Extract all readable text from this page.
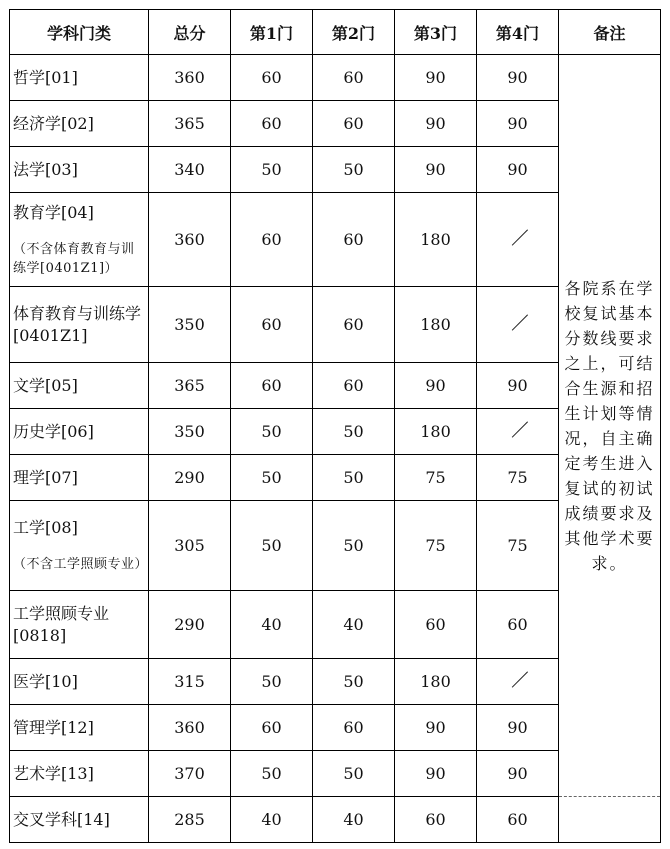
学科门类	总分	第1门	第2门	第3门	第4门	备注

哲学[01]	360	60	60	90	90	各院系在学校复试基本分数线要求之上，可结合生源和招生计划等情况，自主确定考生进入复试的初试成绩要求及其他学术要求。

经济学[02]	365	60	60	90	90	

法学[03]	340	50	50	90	90	

教育学[04]
（不含体育教育与训练学[0401Z1]）	360	60	60	180		

体育教育与训练学[0401Z1]	350	60	60	180		

文学[05]	365	60	60	90	90	

历史学[06]	350	50	50	180		

理学[07]	290	50	50	75	75	

工学[08]
（不含工学照顾专业）	305	50	50	75	75	

工学照顾专业[0818]	290	40	40	60	60	

医学[10]	315	50	50	180		

管理学[12]	360	60	60	90	90	

艺术学[13]	370	50	50	90	90	

交叉学科[14]	285	40	40	60	60	
